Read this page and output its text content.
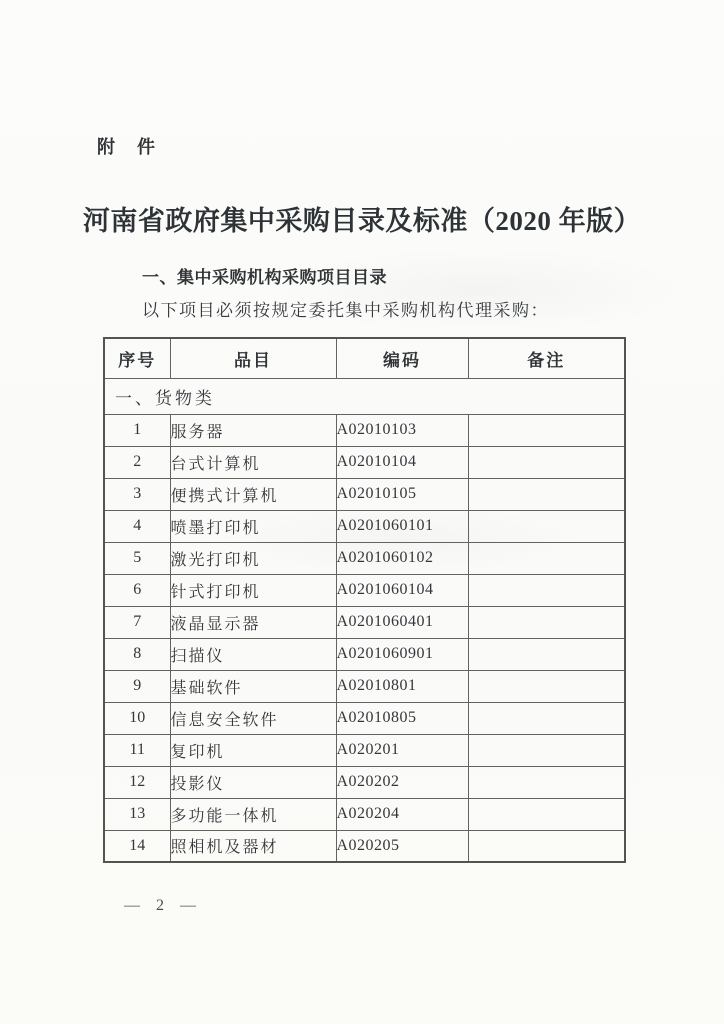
附　件
河南省政府集中采购目录及标准（2020 年版）
一、集中采购机构采购项目目录
以下项目必须按规定委托集中采购机构代理采购：
序号	品目	编码	备注
一、货物类			
1	服务器	A02010103	
2	台式计算机	A02010104	
3	便携式计算机	A02010105	
4	喷墨打印机	A0201060101	
5	激光打印机	A0201060102	
6	针式打印机	A0201060104	
7	液晶显示器	A0201060401	
8	扫描仪	A0201060901	
9	基础软件	A02010801	
10	信息安全软件	A02010805	
11	复印机	A020201	
12	投影仪	A020202	
13	多功能一体机	A020204	
14	照相机及器材	A020205	
— 2 —
